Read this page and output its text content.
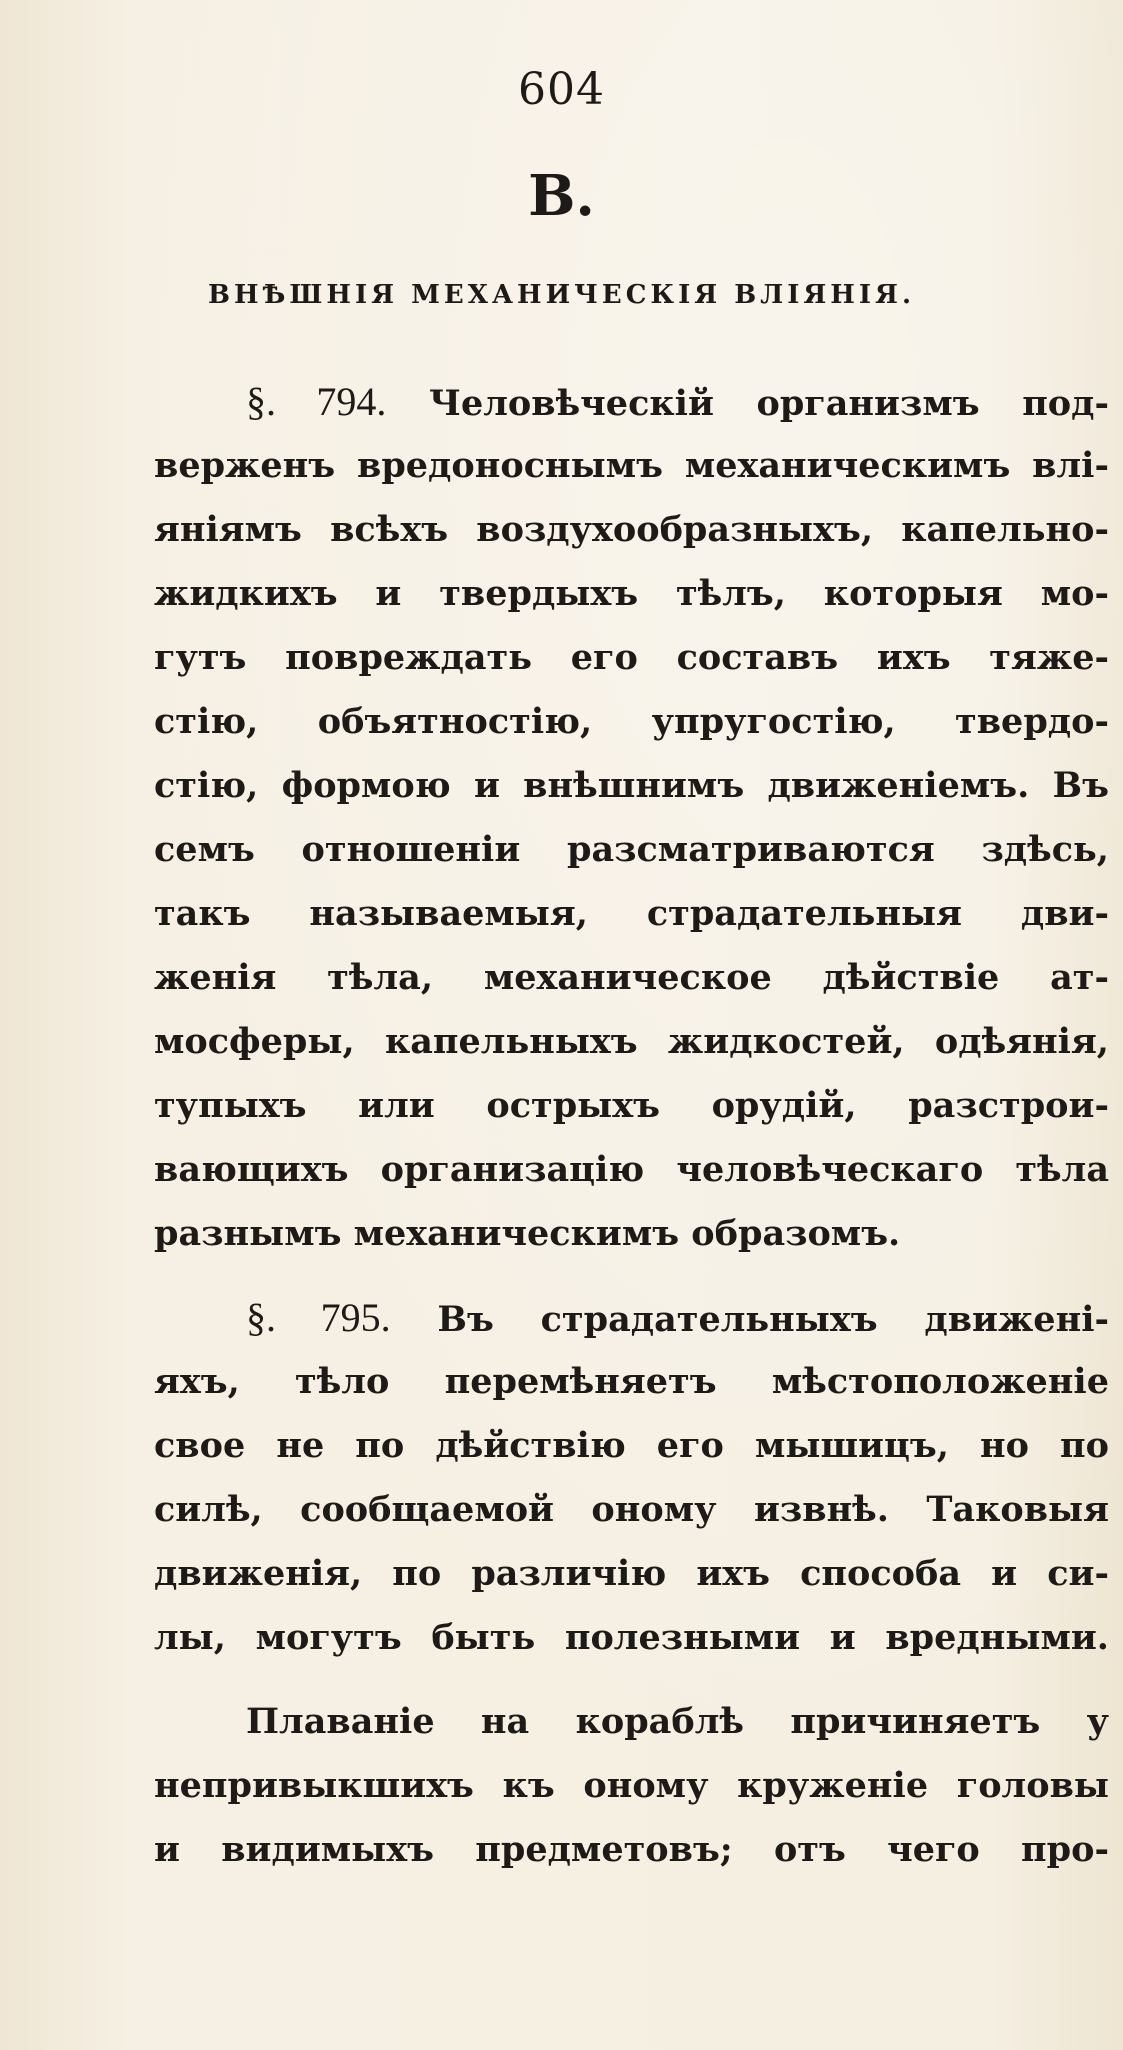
604
В.
ВНѢШНІЯ МЕХАНИЧЕСКІЯ ВЛІЯНІЯ.
§. 794. Человѣческій организмъ под-
верженъ вредоноснымъ механическимъ влі-
яніямъ всѣхъ воздухообразныхъ, капельно-
жидкихъ и твердыхъ тѣлъ, которыя мо-
гутъ повреждать его составъ ихъ тяже-
стію, объятностію, упругостію, твердо-
стію, формою и внѣшнимъ движеніемъ. Въ
семъ отношеніи разсматриваются здѣсь,
такъ называемыя, страдательныя дви-
женія тѣла, механическое дѣйствіе ат-
мосферы, капельныхъ жидкостей, одѣянія,
тупыхъ или острыхъ орудій, разстрои-
вающихъ организацію человѣческаго тѣла
разнымъ механическимъ образомъ.
§. 795. Въ страдательныхъ движені-
яхъ, тѣло перемѣняетъ мѣстоположеніе
свое не по дѣйствію его мышицъ, но по
силѣ, сообщаемой оному извнѣ. Таковыя
движенія, по различію ихъ способа и си-
лы, могутъ быть полезными и вредными.
Плаваніе на кораблѣ причиняетъ у
непривыкшихъ къ оному круженіе головы
и видимыхъ предметовъ; отъ чего про-
